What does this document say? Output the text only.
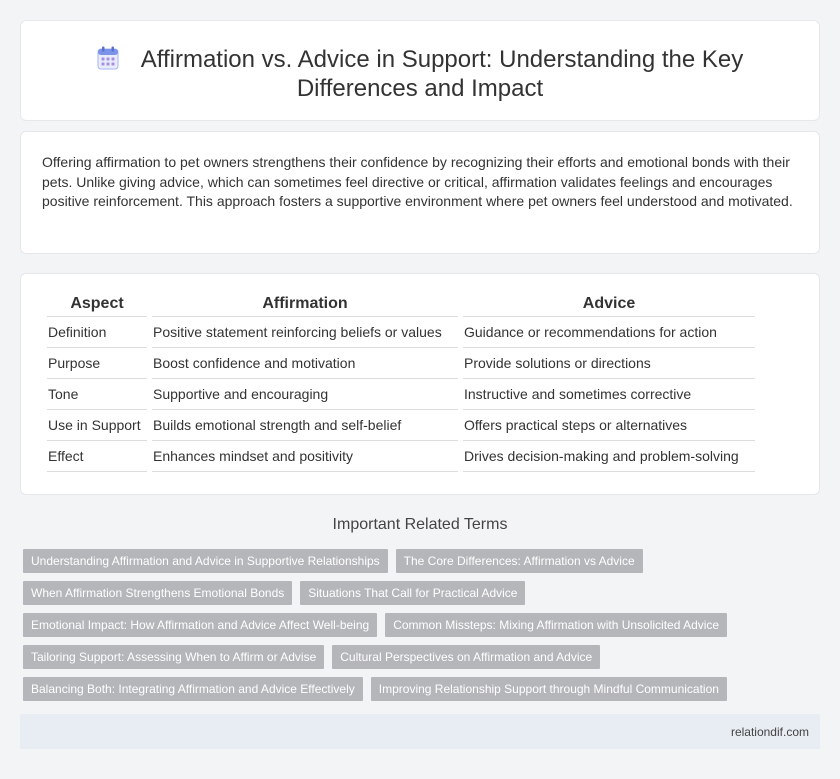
Affirmation vs. Advice in Support: Understanding the Key Differences and Impact

Offering affirmation to pet owners strengthens their confidence by recognizing their efforts and emotional bonds with their pets. Unlike giving advice, which can sometimes feel directive or critical, affirmation validates feelings and encourages positive reinforcement. This approach fosters a supportive environment where pet owners feel understood and motivated.

Aspect	Affirmation	Advice
Definition	Positive statement reinforcing beliefs or values	Guidance or recommendations for action
Purpose	Boost confidence and motivation	Provide solutions or directions
Tone	Supportive and encouraging	Instructive and sometimes corrective
Use in Support	Builds emotional strength and self-belief	Offers practical steps or alternatives
Effect	Enhances mindset and positivity	Drives decision-making and problem-solving
Important Related Terms
Understanding Affirmation and Advice in Supportive Relationships	The Core Differences: Affirmation vs Advice
When Affirmation Strengthens Emotional Bonds	Situations That Call for Practical Advice
Emotional Impact: How Affirmation and Advice Affect Well-being	Common Missteps: Mixing Affirmation with Unsolicited Advice
Tailoring Support: Assessing When to Affirm or Advise	Cultural Perspectives on Affirmation and Advice
Balancing Both: Integrating Affirmation and Advice Effectively	Improving Relationship Support through Mindful Communication
relationdif.com
